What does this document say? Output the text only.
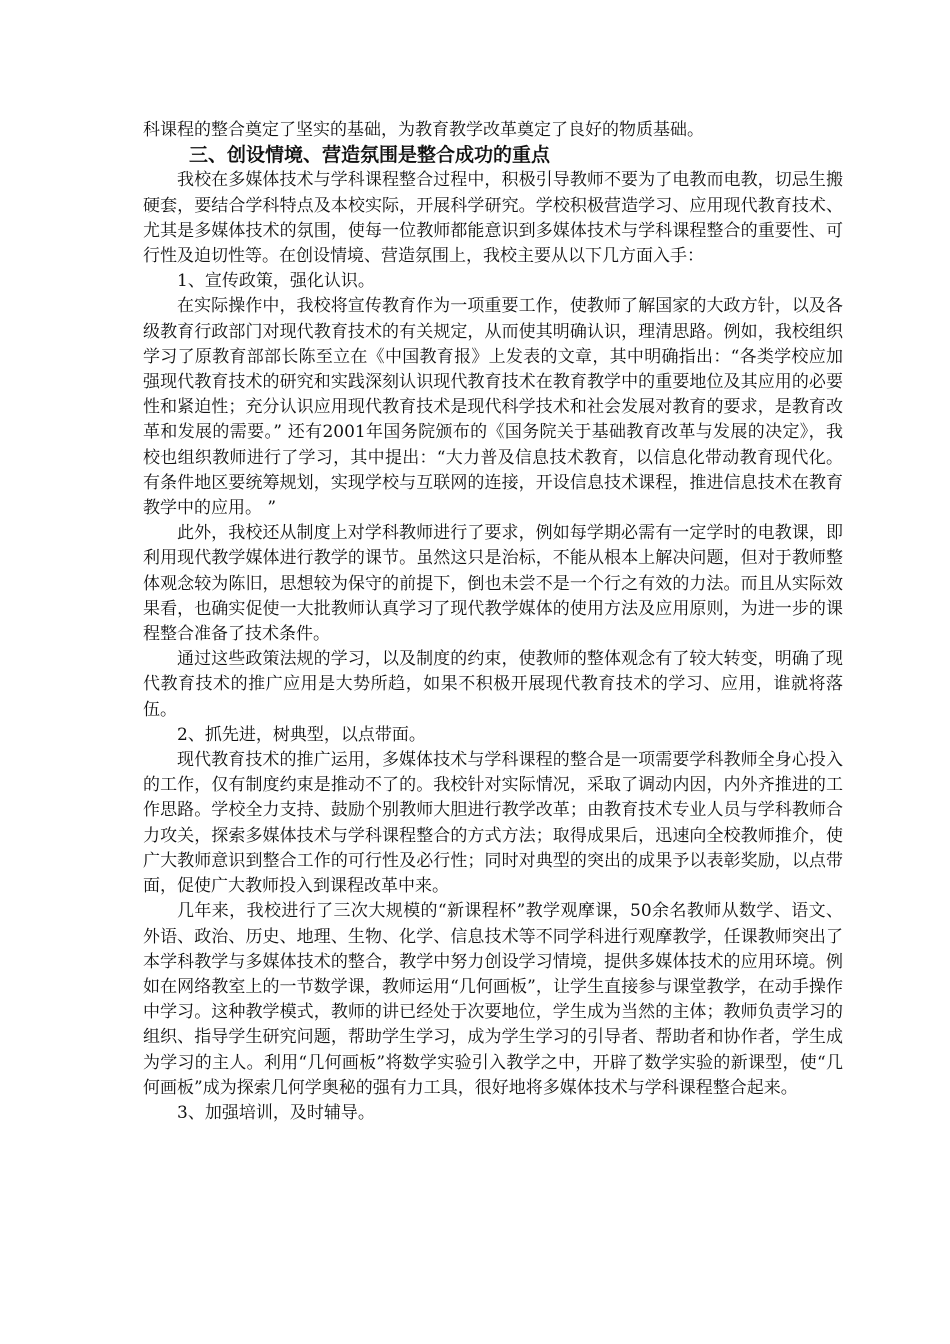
科课程的整合奠定了坚实的基础，为教育教学改革奠定了良好的物质基础。

三、创设情境、营造氛围是整合成功的重点

我校在多媒体技术与学科课程整合过程中，积极引导教师不要为了电教而电教，切忌生搬硬套，要结合学科特点及本校实际，开展科学研究。学校积极营造学习、应用现代教育技术、尤其是多媒体技术的氛围，使每一位教师都能意识到多媒体技术与学科课程整合的重要性、可行性及迫切性等。在创设情境、营造氛围上，我校主要从以下几方面入手：

1、宣传政策，强化认识。

在实际操作中，我校将宣传教育作为一项重要工作，使教师了解国家的大政方针，以及各级教育行政部门对现代教育技术的有关规定，从而使其明确认识，理清思路。例如，我校组织学习了原教育部部长陈至立在《中国教育报》上发表的文章，其中明确指出：“各类学校应加强现代教育技术的研究和实践深刻认识现代教育技术在教育教学中的重要地位及其应用的必要性和紧迫性；充分认识应用现代教育技术是现代科学技术和社会发展对教育的要求，是教育改革和发展的需要。” 还有2001年国务院颁布的《国务院关于基础教育改革与发展的决定》，我校也组织教师进行了学习，其中提出：“大力普及信息技术教育，以信息化带动教育现代化。有条件地区要统筹规划，实现学校与互联网的连接，开设信息技术课程，推进信息技术在教育教学中的应用。 ”

此外，我校还从制度上对学科教师进行了要求，例如每学期必需有一定学时的电教课，即利用现代教学媒体进行教学的课节。虽然这只是治标，不能从根本上解决问题，但对于教师整体观念较为陈旧，思想较为保守的前提下，倒也未尝不是一个行之有效的力法。而且从实际效果看，也确实促使一大批教师认真学习了现代教学媒体的使用方法及应用原则，为进一步的课程整合准备了技术条件。

通过这些政策法规的学习，以及制度的约束，使教师的整体观念有了较大转变，明确了现代教育技术的推广应用是大势所趋，如果不积极开展现代教育技术的学习、应用，谁就将落伍。

2、抓先进，树典型，以点带面。

现代教育技术的推广运用，多媒体技术与学科课程的整合是一项需要学科教师全身心投入的工作，仅有制度约束是推动不了的。我校针对实际情况，采取了调动内因，内外齐推进的工作思路。学校全力支持、鼓励个别教师大胆进行教学改革；由教育技术专业人员与学科教师合力攻关，探索多媒体技术与学科课程整合的方式方法；取得成果后，迅速向全校教师推介，使广大教师意识到整合工作的可行性及必行性；同时对典型的突出的成果予以表彰奖励，以点带面，促使广大教师投入到课程改革中来。

几年来，我校进行了三次大规模的“新课程杯”教学观摩课，50余名教师从数学、语文、外语、政治、历史、地理、生物、化学、信息技术等不同学科进行观摩教学，任课教师突出了本学科教学与多媒体技术的整合，教学中努力创设学习情境，提供多媒体技术的应用环境。例如在网络教室上的一节数学课，教师运用“几何画板”，让学生直接参与课堂教学，在动手操作中学习。这种教学模式，教师的讲已经处于次要地位，学生成为当然的主体；教师负责学习的组织、指导学生研究问题，帮助学生学习，成为学生学习的引导者、帮助者和协作者，学生成为学习的主人。利用“几何画板”将数学实验引入教学之中，开辟了数学实验的新课型，使“几何画板”成为探索几何学奥秘的强有力工具，很好地将多媒体技术与学科课程整合起来。

3、加强培训，及时辅导。
